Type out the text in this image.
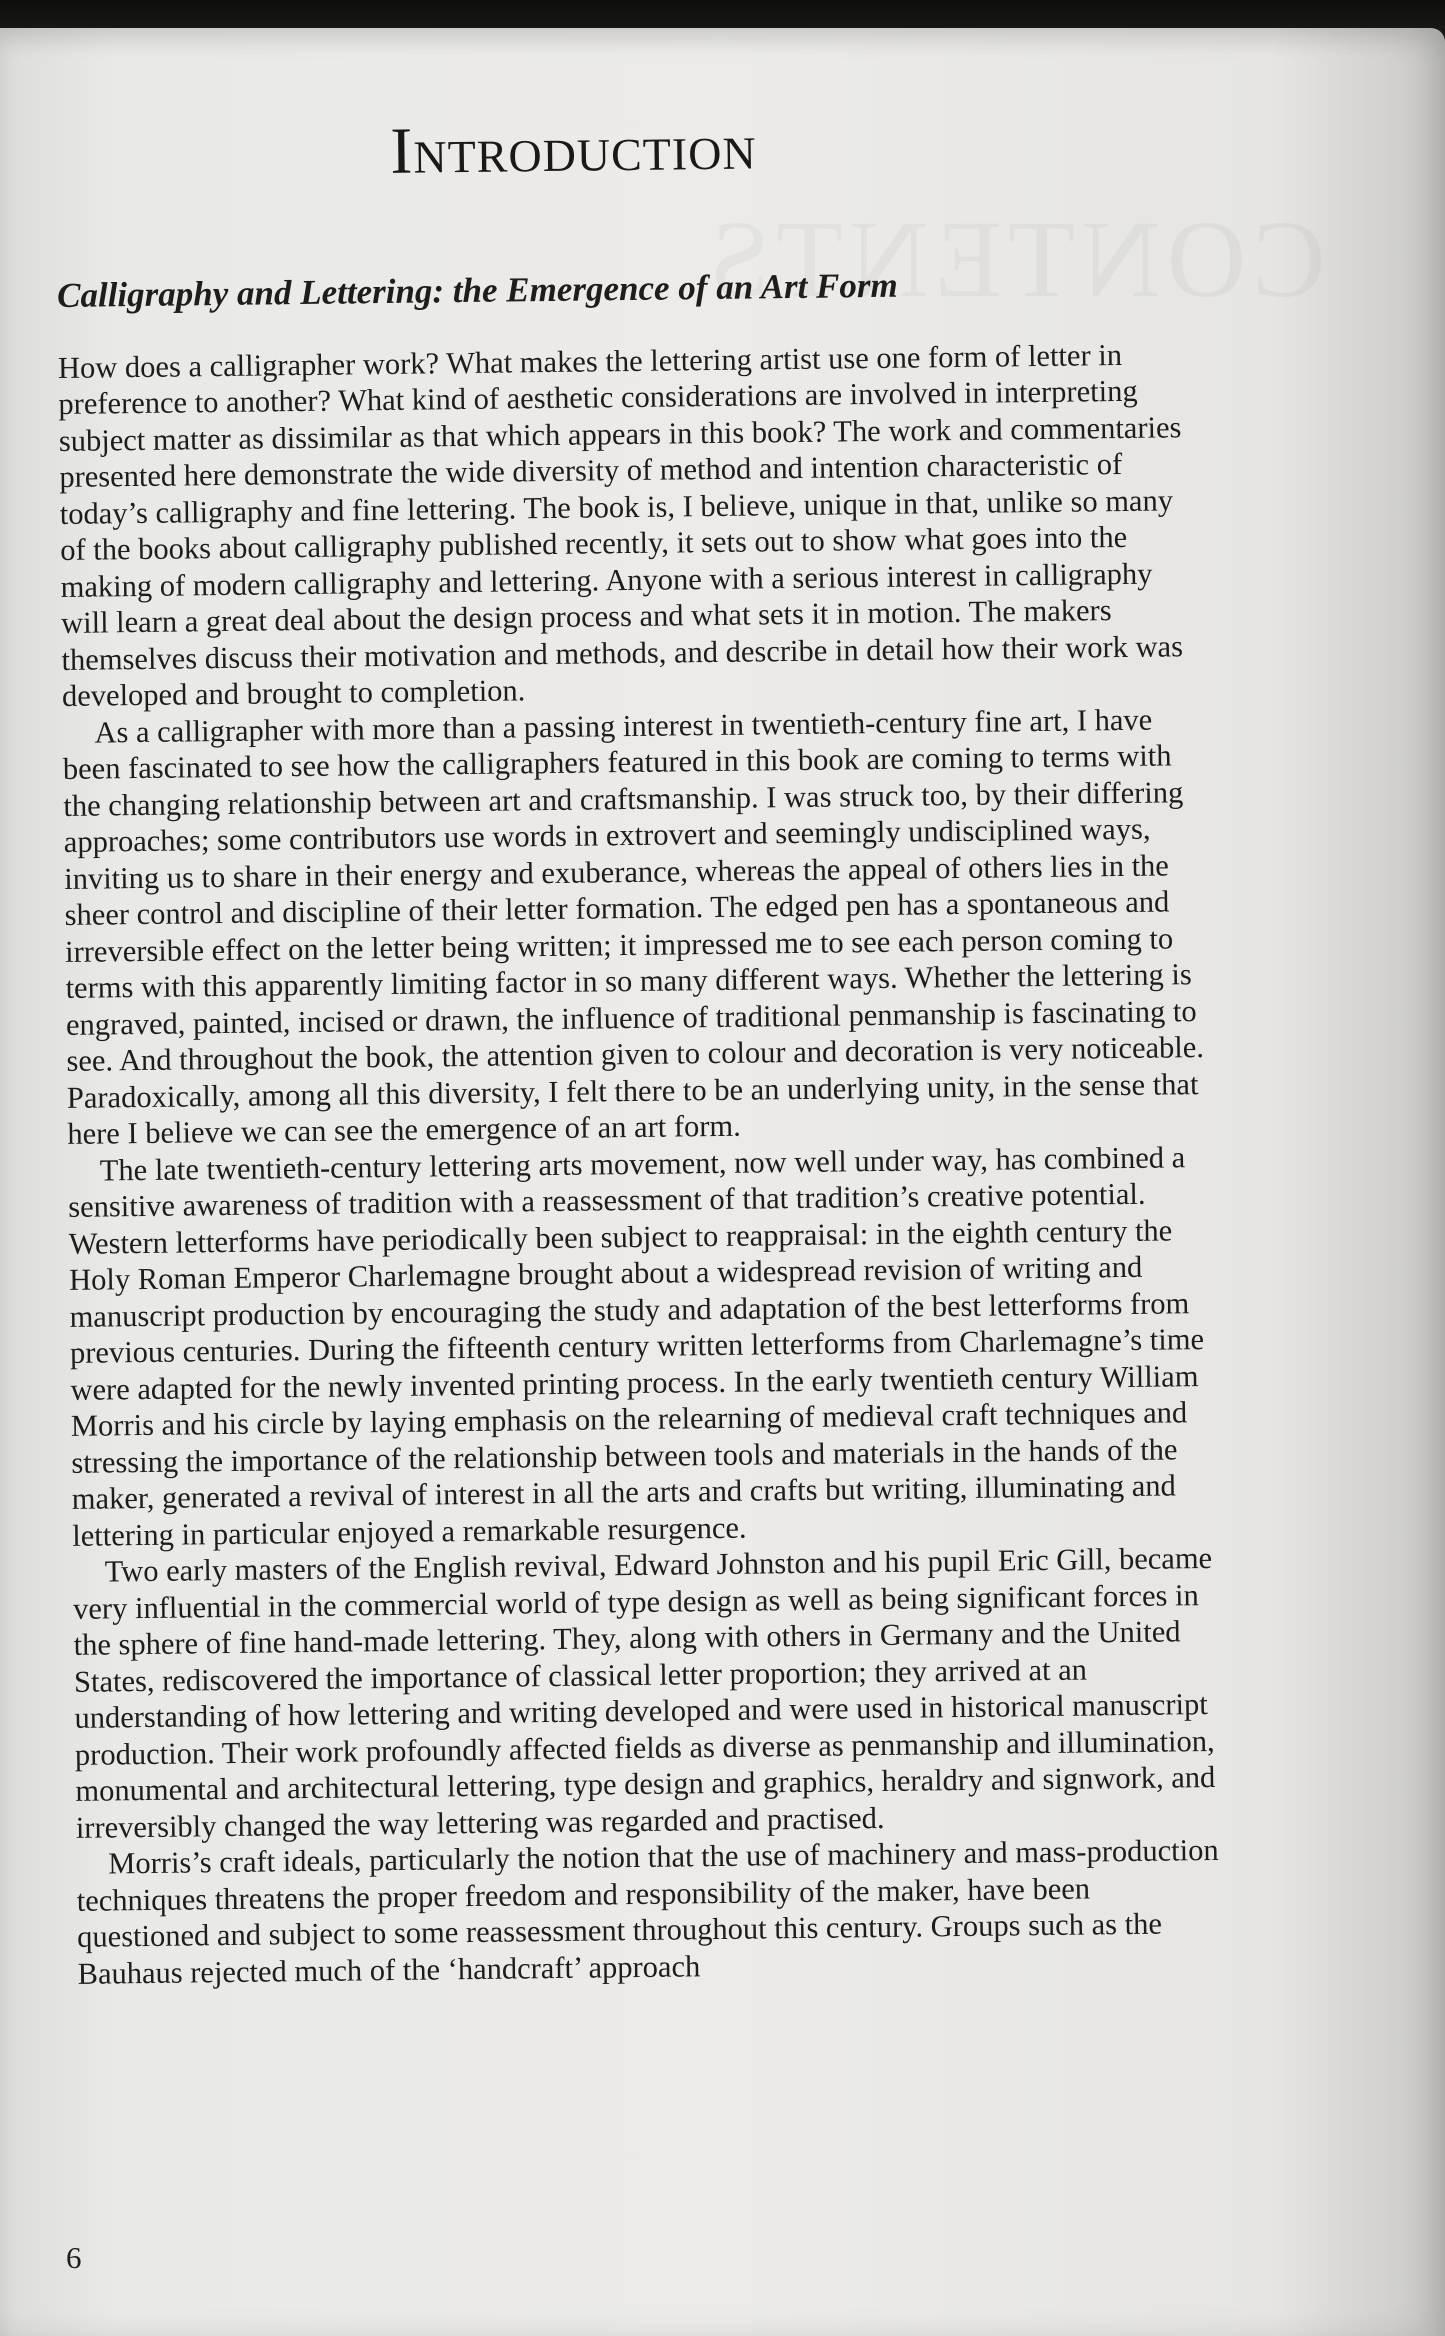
Introduction
Calligraphy and Lettering: the Emergence of an Art Form

How does a calligrapher work? What makes the lettering artist use one form of letter in preference to another? What kind of aesthetic considerations are involved in interpreting subject matter as dissimilar as that which appears in this book? The work and commentaries presented here demonstrate the wide diversity of method and intention characteristic of today’s calligraphy and fine lettering. The book is, I believe, unique in that, unlike so many of the books about calligraphy published recently, it sets out to show what goes into the making of modern calligraphy and lettering. Anyone with a serious interest in calligraphy will learn a great deal about the design process and what sets it in motion. The makers themselves discuss their motivation and methods, and describe in detail how their work was developed and brought to completion.

As a calligrapher with more than a passing interest in twentieth-century fine art, I have been fascinated to see how the calligraphers featured in this book are coming to terms with the changing relationship between art and craftsmanship. I was struck too, by their differing approaches; some contributors use words in extrovert and seemingly undisciplined ways, inviting us to share in their energy and exuberance, whereas the appeal of others lies in the sheer control and discipline of their letter formation. The edged pen has a spontaneous and irreversible effect on the letter being written; it impressed me to see each person coming to terms with this apparently limiting factor in so many different ways. Whether the lettering is engraved, painted, incised or drawn, the influence of traditional penmanship is fascinating to see. And throughout the book, the attention given to colour and decoration is very noticeable. Paradoxically, among all this diversity, I felt there to be an underlying unity, in the sense that here I believe we can see the emergence of an art form.

The late twentieth-century lettering arts movement, now well under way, has combined a sensitive awareness of tradition with a reassessment of that tradition’s creative potential. Western letterforms have periodically been subject to reappraisal: in the eighth century the Holy Roman Emperor Charlemagne brought about a widespread revision of writing and manuscript production by encouraging the study and adaptation of the best letterforms from previous centuries. During the fifteenth century written letterforms from Charlemagne’s time were adapted for the newly invented printing process. In the early twentieth century William Morris and his circle by laying emphasis on the relearning of medieval craft techniques and stressing the importance of the relationship between tools and materials in the hands of the maker, generated a revival of interest in all the arts and crafts but writing, illuminating and lettering in particular enjoyed a remarkable resurgence.

Two early masters of the English revival, Edward Johnston and his pupil Eric Gill, became very influential in the commercial world of type design as well as being significant forces in the sphere of fine hand-made lettering. They, along with others in Germany and the United States, rediscovered the importance of classical letter proportion; they arrived at an understanding of how lettering and writing developed and were used in historical manuscript production. Their work profoundly affected fields as diverse as penmanship and illumination, monumental and architectural lettering, type design and graphics, heraldry and signwork, and irreversibly changed the way lettering was regarded and practised.

Morris’s craft ideals, particularly the notion that the use of machinery and mass-production techniques threatens the proper freedom and responsibility of the maker, have been questioned and subject to some reassessment throughout this century. Groups such as the Bauhaus rejected much of the ‘handcraft’ approach

6
